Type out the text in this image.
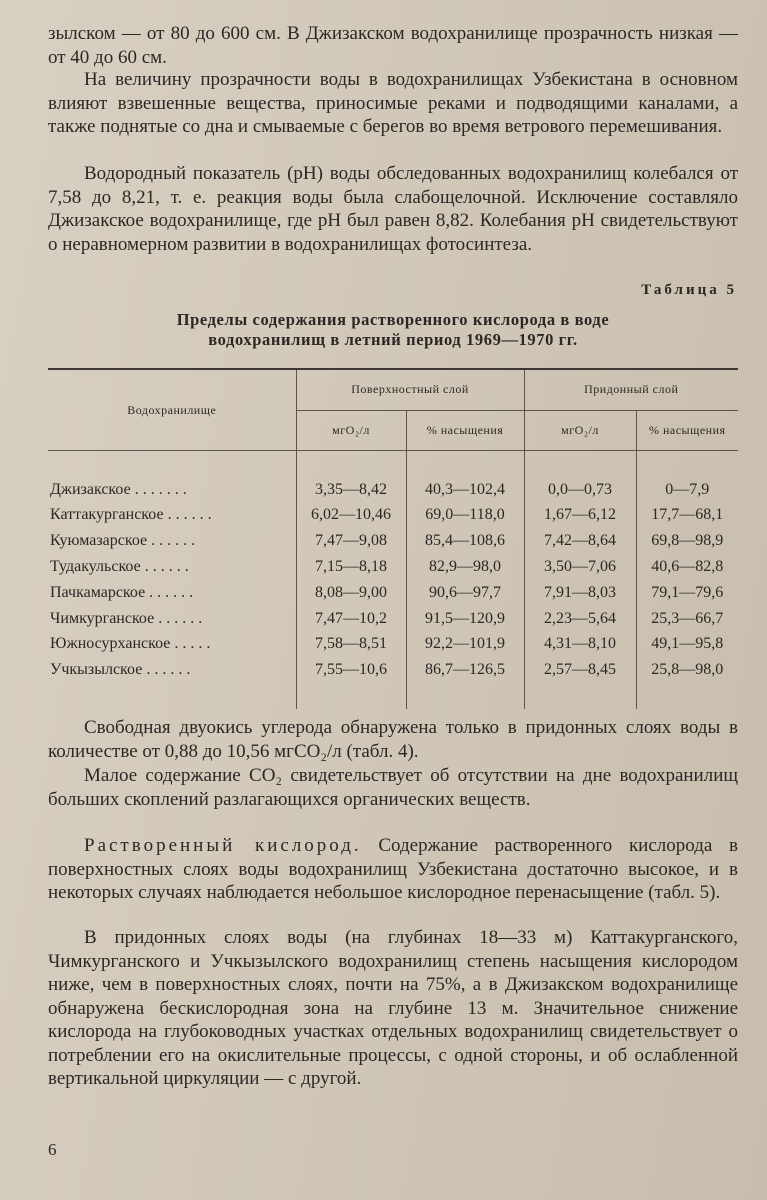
зылском — от 80 до 600 см. В Джизакском водохранилище прозрачность низкая — от 40 до 60 см.

На величину прозрачности воды в водохранилищах Узбекистана в основном влияют взвешенные вещества, приносимые реками и подводящими каналами, а также поднятые со дна и смываемые с берегов во время ветрового перемешивания.

Водородный показатель (pH) воды обследованных водохранилищ колебался от 7,58 до 8,21, т. е. реакция воды была слабощелочной. Исключение составляло Джизакское водохранилище, где pH был равен 8,82. Колебания pH свидетельствуют о неравномерном развитии в водохранилищах фотосинтеза.

Таблица 5
Пределы содержания растворенного кислорода в воде
водохранилищ в летний период 1969—1970 гг.
Водохранилище	Поверхностный слой		Придонный слой	
	мгO₂/л	% насыщения	мгO₂/л	% насыщения

Джизакское . . . . . . .	3,35—8,42	40,3—102,4	0,0—0,73	0—7,9
Каттакурганское . . . . . .	6,02—10,46	69,0—118,0	1,67—6,12	17,7—68,1
Куюмазарское . . . . . .	7,47—9,08	85,4—108,6	7,42—8,64	69,8—98,9
Тудакульское . . . . . .	7,15—8,18	82,9—98,0	3,50—7,06	40,6—82,8
Пачкамарское . . . . . .	8,08—9,00	90,6—97,7	7,91—8,03	79,1—79,6
Чимкурганское . . . . . .	7,47—10,2	91,5—120,9	2,23—5,64	25,3—66,7
Южносурханское . . . . .	7,58—8,51	92,2—101,9	4,31—8,10	49,1—95,8
Учкызылское . . . . . .	7,55—10,6	86,7—126,5	2,57—8,45	25,8—98,0

Свободная двуокись углерода обнаружена только в придонных слоях воды в количестве от 0,88 до 10,56 мгCO₂/л (табл. 4).

Малое содержание CO₂ свидетельствует об отсутствии на дне водохранилищ больших скоплений разлагающихся органических веществ.

Растворенный кислород. Содержание растворенного кислорода в поверхностных слоях воды водохранилищ Узбекистана достаточно высокое, и в некоторых случаях наблюдается небольшое кислородное перенасыщение (табл. 5).

В придонных слоях воды (на глубинах 18—33 м) Каттакурганского, Чимкурганского и Учкызылского водохранилищ степень насыщения кислородом ниже, чем в поверхностных слоях, почти на 75%, а в Джизакском водохранилище обнаружена бескислородная зона на глубине 13 м. Значительное снижение кислорода на глубоководных участках отдельных водохранилищ свидетельствует о потреблении его на окислительные процессы, с одной стороны, и об ослабленной вертикальной циркуляции — с другой.

6
